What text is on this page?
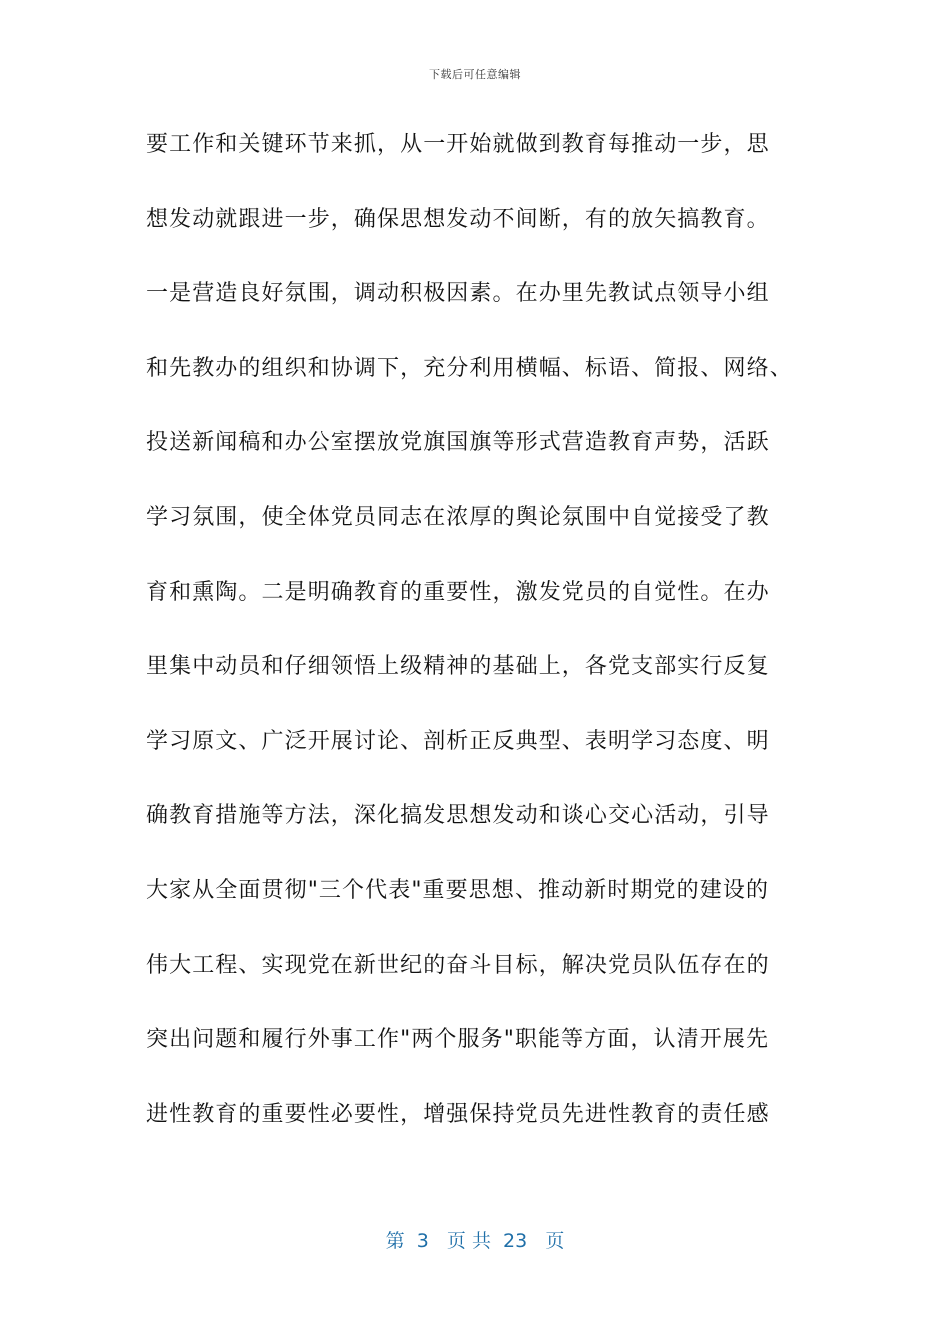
下载后可任意编辑
要工作和关键环节来抓，从一开始就做到教育每推动一步，思
想发动就跟进一步，确保思想发动不间断，有的放矢搞教育。
一是营造良好氛围，调动积极因素。在办里先教试点领导小组
和先教办的组织和协调下，充分利用横幅、标语、简报、网络、
投送新闻稿和办公室摆放党旗国旗等形式营造教育声势，活跃
学习氛围，使全体党员同志在浓厚的舆论氛围中自觉接受了教
育和熏陶。二是明确教育的重要性，激发党员的自觉性。在办
里集中动员和仔细领悟上级精神的基础上，各党支部实行反复
学习原文、广泛开展讨论、剖析正反典型、表明学习态度、明
确教育措施等方法，深化搞发思想发动和谈心交心活动，引导
大家从全面贯彻"三个代表"重要思想、推动新时期党的建设的
伟大工程、实现党在新世纪的奋斗目标，解决党员队伍存在的
突出问题和履行外事工作"两个服务"职能等方面，认清开展先
进性教育的重要性必要性，增强保持党员先进性教育的责任感
第  3   页 共  23   页
